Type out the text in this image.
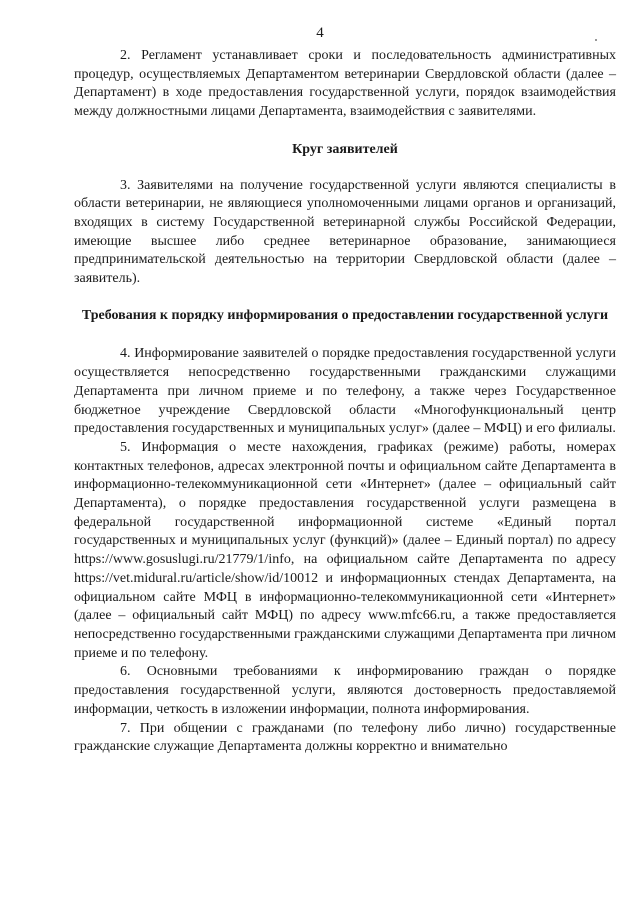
4

2. Регламент устанавливает сроки и последовательность административных процедур, осуществляемых Департаментом ветеринарии Свердловской области (далее – Департамент) в ходе предоставления государственной услуги, порядок взаимодействия между должностными лицами Департамента, взаимодействия с заявителями.

Круг заявителей

3. Заявителями на получение государственной услуги являются специалисты в области ветеринарии, не являющиеся уполномоченными лицами органов и организаций, входящих в систему Государственной ветеринарной службы Российской Федерации, имеющие высшее либо среднее ветеринарное образование, занимающиеся предпринимательской деятельностью на территории Свердловской области (далее – заявитель).

Требования к порядку информирования о предоставлении государственной услуги

4. Информирование заявителей о порядке предоставления государственной услуги осуществляется непосредственно государственными гражданскими служащими Департамента при личном приеме и по телефону, а также через Государственное бюджетное учреждение Свердловской области «Многофункциональный центр предоставления государственных и муниципальных услуг» (далее – МФЦ) и его филиалы.

5. Информация о месте нахождения, графиках (режиме) работы, номерах контактных телефонов, адресах электронной почты и официальном сайте Департамента в информационно-телекоммуникационной сети «Интернет» (далее – официальный сайт Департамента), о порядке предоставления государственной услуги размещена в федеральной государственной информационной системе «Единый портал государственных и муниципальных услуг (функций)» (далее – Единый портал) по адресу https://www.gosuslugi.ru/21779/1/info, на официальном сайте Департамента по адресу https://vet.midural.ru/article/show/id/10012 и информационных стендах Департамента, на официальном сайте МФЦ в информационно-телекоммуникационной сети «Интернет» (далее – официальный сайт МФЦ) по адресу www.mfc66.ru, а также предоставляется непосредственно государственными гражданскими служащими Департамента при личном приеме и по телефону.

6. Основными требованиями к информированию граждан о порядке предоставления государственной услуги, являются достоверность предоставляемой информации, четкость в изложении информации, полнота информирования.

7. При общении с гражданами (по телефону либо лично) государственные гражданские служащие Департамента должны корректно и внимательно
